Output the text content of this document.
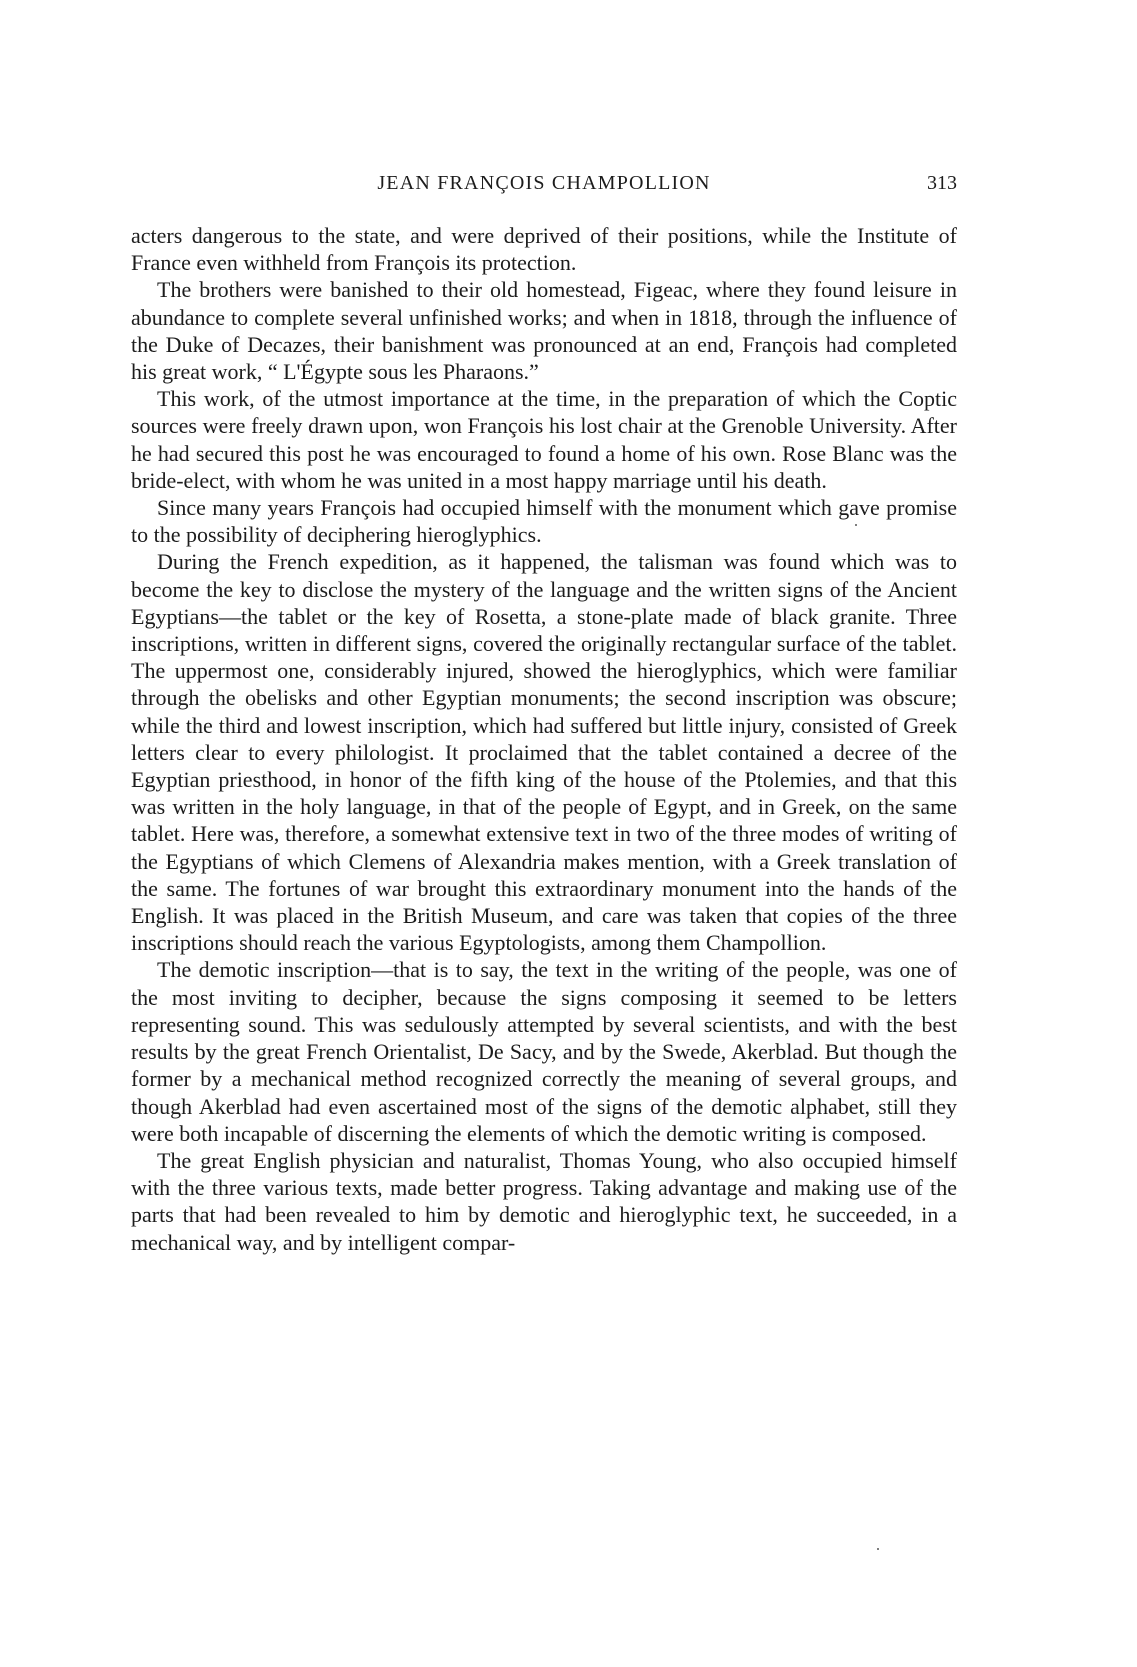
JEAN FRANÇOIS CHAMPOLLION	313

acters dangerous to the state, and were deprived of their positions, while the Institute of France even withheld from François its protection.

The brothers were banished to their old homestead, Figeac, where they found leisure in abundance to complete several unfinished works; and when in 1818, through the influence of the Duke of Decazes, their banishment was pronounced at an end, François had completed his great work, “ L'Égypte sous les Pharaons.”

This work, of the utmost importance at the time, in the preparation of which the Coptic sources were freely drawn upon, won François his lost chair at the Grenoble University. After he had secured this post he was encouraged to found a home of his own. Rose Blanc was the bride-elect, with whom he was united in a most happy marriage until his death.

Since many years François had occupied himself with the monument which gave promise to the possibility of deciphering hieroglyphics.

During the French expedition, as it happened, the talisman was found which was to become the key to disclose the mystery of the language and the written signs of the Ancient Egyptians—the tablet or the key of Rosetta, a stone-plate made of black granite. Three inscriptions, written in different signs, covered the originally rectangular surface of the tablet. The uppermost one, considerably injured, showed the hieroglyphics, which were familiar through the obelisks and other Egyptian monuments; the second inscription was obscure; while the third and lowest inscription, which had suffered but little injury, consisted of Greek letters clear to every philologist. It proclaimed that the tablet contained a decree of the Egyptian priesthood, in honor of the fifth king of the house of the Ptolemies, and that this was written in the holy language, in that of the people of Egypt, and in Greek, on the same tablet. Here was, therefore, a somewhat extensive text in two of the three modes of writing of the Egyptians of which Clemens of Alexandria makes mention, with a Greek translation of the same. The fortunes of war brought this extraordinary monument into the hands of the English. It was placed in the British Museum, and care was taken that copies of the three inscriptions should reach the various Egyptologists, among them Champollion.

The demotic inscription—that is to say, the text in the writing of the people, was one of the most inviting to decipher, because the signs composing it seemed to be letters representing sound. This was sedulously attempted by several scientists, and with the best results by the great French Orientalist, De Sacy, and by the Swede, Akerblad. But though the former by a mechanical method recognized correctly the meaning of several groups, and though Akerblad had even ascertained most of the signs of the demotic alphabet, still they were both incapable of discerning the elements of which the demotic writing is composed.

The great English physician and naturalist, Thomas Young, who also occupied himself with the three various texts, made better progress. Taking advantage and making use of the parts that had been revealed to him by demotic and hieroglyphic text, he succeeded, in a mechanical way, and by intelligent compar-
